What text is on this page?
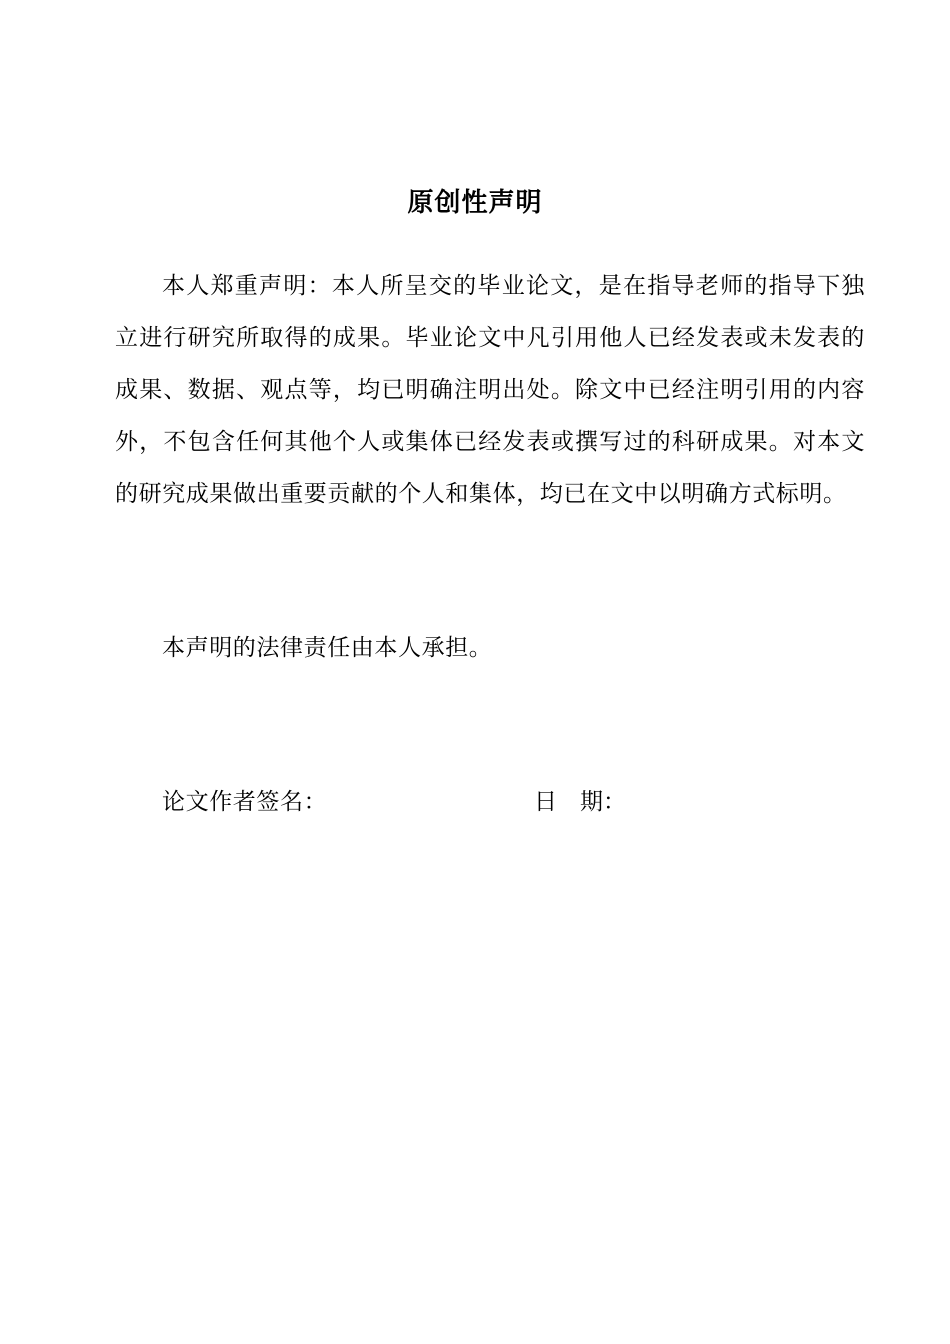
原创性声明

本人郑重声明：本人所呈交的毕业论文，是在指导老师的指导下独立进行研究所取得的成果。毕业论文中凡引用他人已经发表或未发表的成果、数据、观点等，均已明确注明出处。除文中已经注明引用的内容外，不包含任何其他个人或集体已经发表或撰写过的科研成果。对本文的研究成果做出重要贡献的个人和集体，均已在文中以明确方式标明。

本声明的法律责任由本人承担。

论文作者签名：	日　期：
